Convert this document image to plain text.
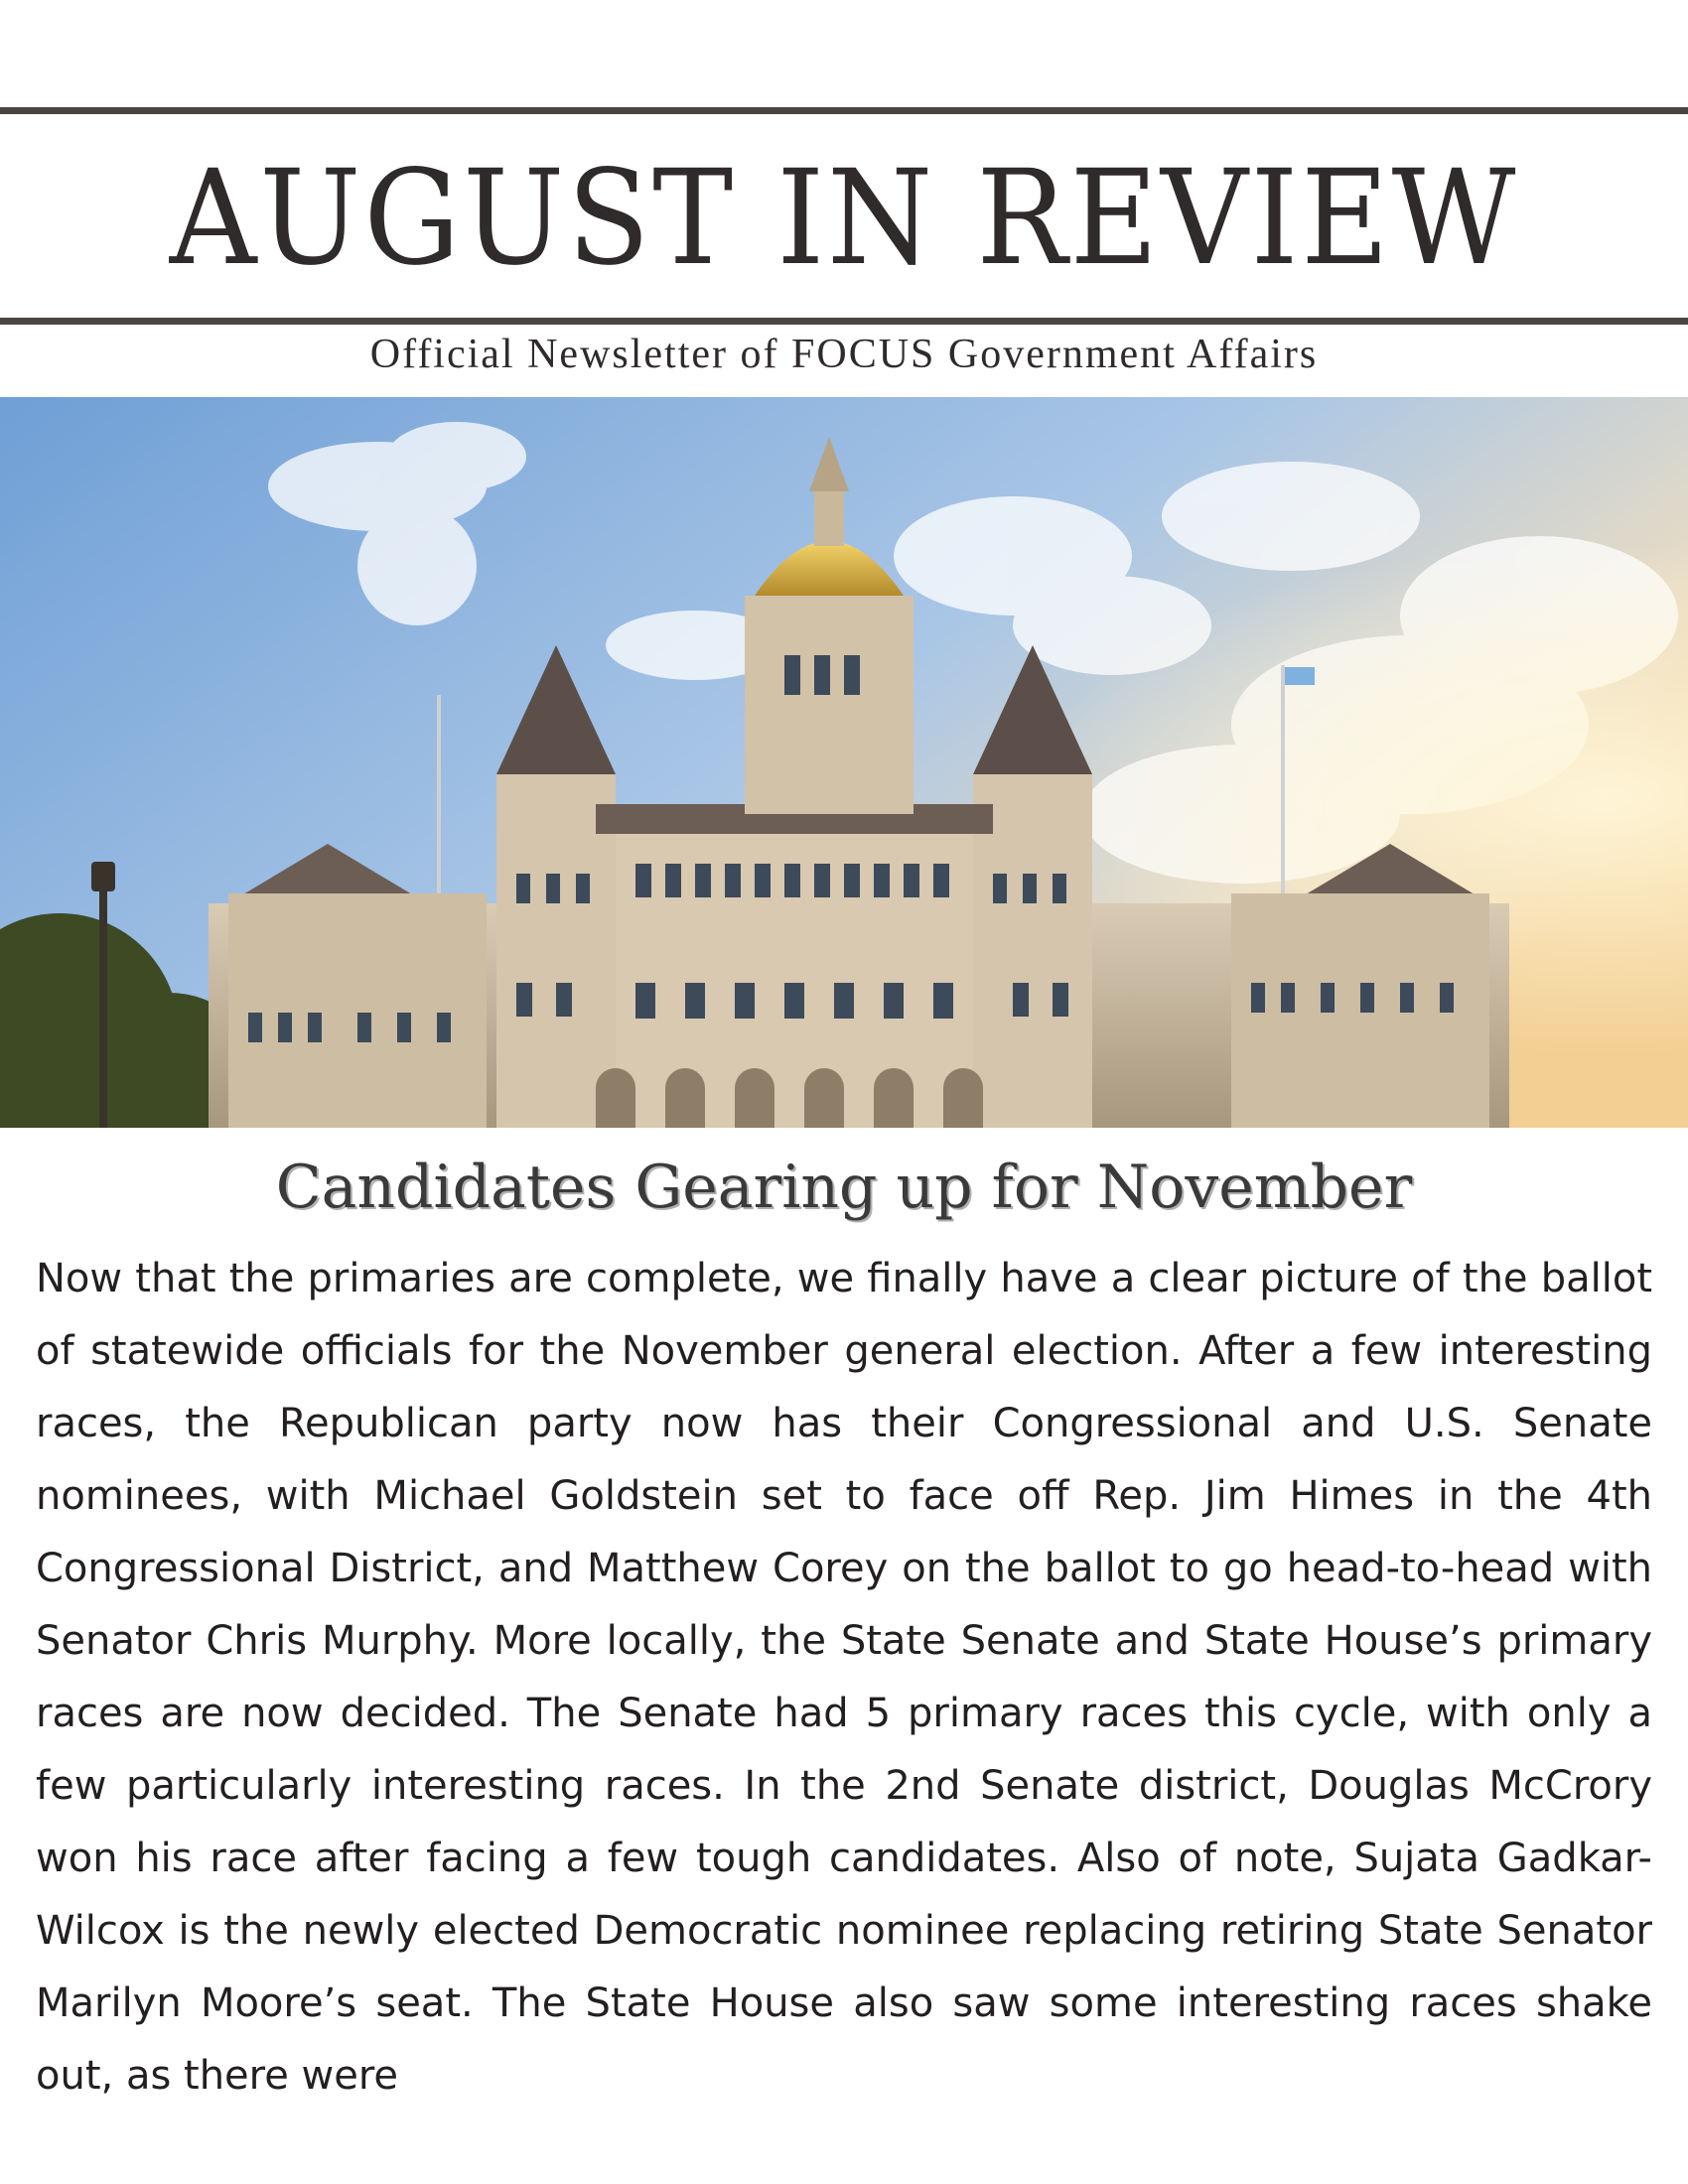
AUGUST IN REVIEW
Official Newsletter of FOCUS Government Affairs
Candidates Gearing up for November
Now that the primaries are complete, we finally have a clear picture of the ballot of statewide officials for the November general election. After a few interesting races, the Republican party now has their Congressional and U.S. Senate nominees, with Michael Goldstein set to face off Rep. Jim Himes in the 4th Congressional District, and Matthew Corey on the ballot to go head-to-head with Senator Chris Murphy. More locally, the State Senate and State House’s primary races are now decided. The Senate had 5 primary races this cycle, with only a few particularly interesting races. In the 2nd Senate district, Douglas McCrory won his race after facing a few tough candidates. Also of note, Sujata Gadkar-Wilcox is the newly elected Democratic nominee replacing retiring State Senator Marilyn Moore’s seat. The State House also saw some interesting races shake out, as there were
